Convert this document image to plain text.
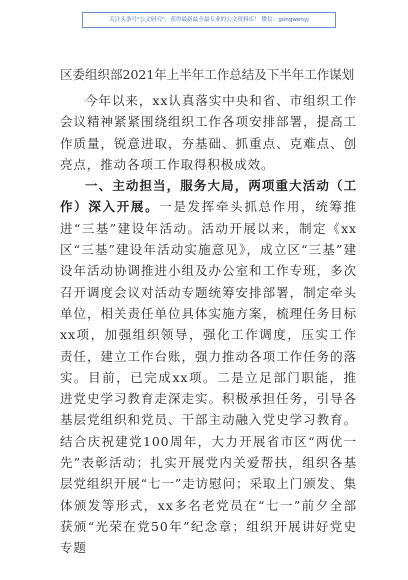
关注头条号"公文研究"，获得最新最全最专业的公文资料库！ 微信：gongwenyj

区委组织部2021年上半年工作总结及下半年工作谋划

今年以来，xx认真落实中央和省、市组织工作会议精神紧紧围绕组织工作各项安排部署，提高工作质量，锐意进取，夯基础、抓重点、克难点、创亮点，推动各项工作取得积极成效。

一、主动担当，服务大局，两项重大活动（工作）深入开展。一是发挥牵头抓总作用，统筹推进“三基”建设年活动。活动开展以来，制定《xx区“三基”建设年活动实施意见》，成立区“三基”建设年活动协调推进小组及办公室和工作专班，多次召开调度会议对活动专题统筹安排部署，制定牵头单位，相关责任单位具体实施方案，梳理任务目标xx项，加强组织领导，强化工作调度，压实工作责任，建立工作台账，强力推动各项工作任务的落实。目前，已完成xx项。二是立足部门职能，推进党史学习教育走深走实。积极承担任务，引导各基层党组织和党员、干部主动融入党史学习教育。结合庆祝建党100周年，大力开展省市区“两优一先”表彰活动；扎实开展党内关爱帮扶，组织各基层党组织开展“七一”走访慰问；采取上门颁发、集体颁发等形式，xx多名老党员在“七一”前夕全部获颁“光荣在党50年”纪念章；组织开展讲好党史专题
